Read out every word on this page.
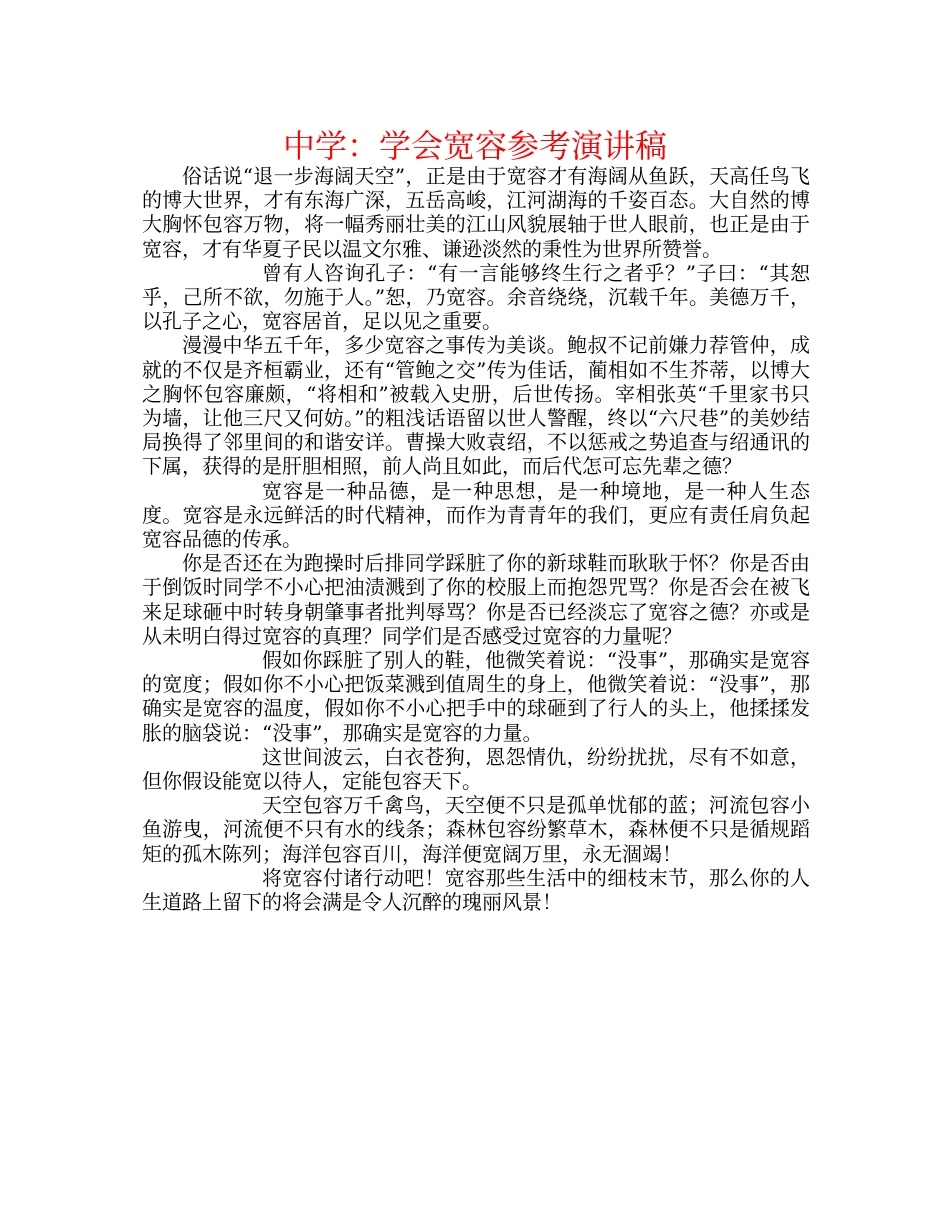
中学：学会宽容参考演讲稿

俗话说“退一步海阔天空”，正是由于宽容才有海阔从鱼跃，天高任鸟飞的博大世界，才有东海广深，五岳高峻，江河湖海的千姿百态。大自然的博大胸怀包容万物，将一幅秀丽壮美的江山风貌展轴于世人眼前，也正是由于宽容，才有华夏子民以温文尔雅、谦逊淡然的秉性为世界所赞誉。

曾有人咨询孔子：“有一言能够终生行之者乎？”子曰：“其恕乎，己所不欲，勿施于人。”恕，乃宽容。余音绕绕，沉载千年。美德万千，以孔子之心，宽容居首，足以见之重要。

漫漫中华五千年，多少宽容之事传为美谈。鲍叔不记前嫌力荐管仲，成就的不仅是齐桓霸业，还有“管鲍之交”传为佳话，蔺相如不生芥蒂，以博大之胸怀包容廉颇，“将相和”被载入史册，后世传扬。宰相张英“千里家书只为墙，让他三尺又何妨。”的粗浅话语留以世人警醒，终以“六尺巷”的美妙结局换得了邻里间的和谐安详。曹操大败袁绍，不以惩戒之势追查与绍通讯的下属，获得的是肝胆相照，前人尚且如此，而后代怎可忘先辈之德？

宽容是一种品德，是一种思想，是一种境地，是一种人生态度。宽容是永远鲜活的时代精神，而作为青青年的我们，更应有责任肩负起宽容品德的传承。

你是否还在为跑操时后排同学踩脏了你的新球鞋而耿耿于怀？你是否由于倒饭时同学不小心把油渍溅到了你的校服上而抱怨咒骂？你是否会在被飞来足球砸中时转身朝肇事者批判辱骂？你是否已经淡忘了宽容之德？亦或是从未明白得过宽容的真理？同学们是否感受过宽容的力量呢？

假如你踩脏了别人的鞋，他微笑着说：“没事”，那确实是宽容的宽度；假如你不小心把饭菜溅到值周生的身上，他微笑着说：“没事”，那确实是宽容的温度，假如你不小心把手中的球砸到了行人的头上，他揉揉发胀的脑袋说：“没事”，那确实是宽容的力量。

这世间波云，白衣苍狗，恩怨情仇，纷纷扰扰，尽有不如意，但你假设能宽以待人，定能包容天下。

天空包容万千禽鸟，天空便不只是孤单忧郁的蓝；河流包容小鱼游曳，河流便不只有水的线条；森林包容纷繁草木，森林便不只是循规蹈矩的孤木陈列；海洋包容百川，海洋便宽阔万里，永无涸竭！

将宽容付诸行动吧！宽容那些生活中的细枝末节，那么你的人生道路上留下的将会满是令人沉醉的瑰丽风景！
